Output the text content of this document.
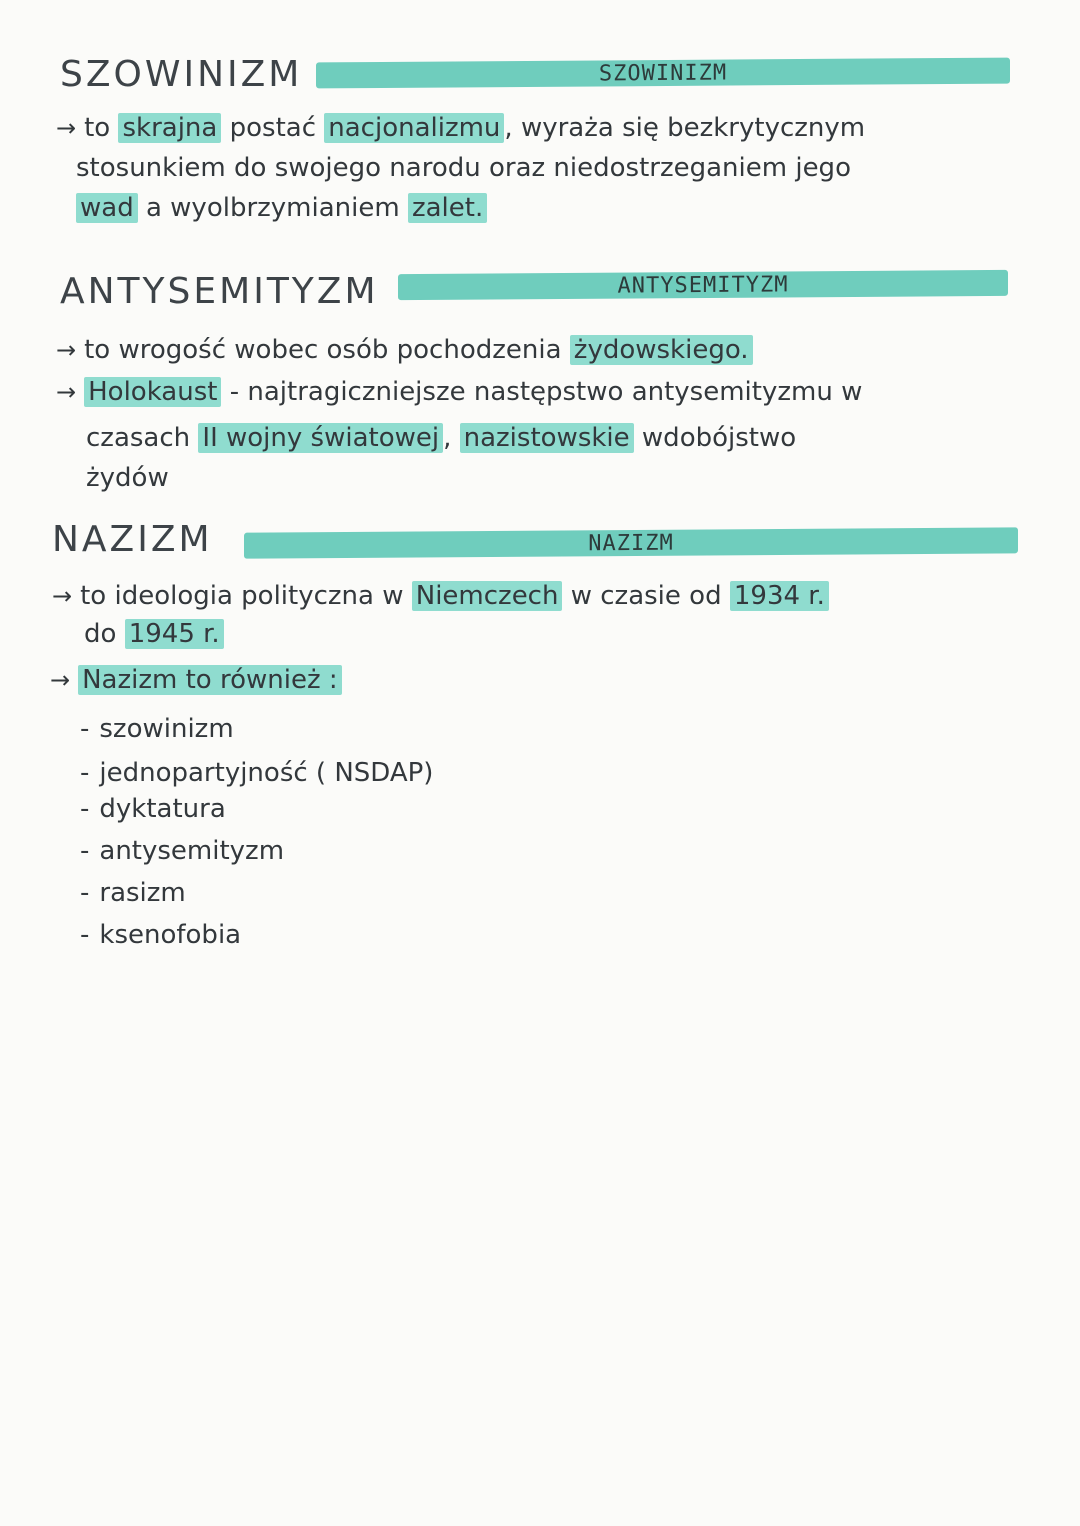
SZOWINIZM	SZOWINIZM
→ to skrajna postać nacjonalizmu , wyraża się bezkrytycznym
stosunkiem do swojego narodu oraz niedostrzeganiem jego
wad a wyolbrzymianiem zalet.
ANTYSEMITYZM	ANTYSEMITYZM
→ to wrogość wobec osób pochodzenia żydowskiego.
→ Holokaust - najtragiczniejsze następstwo antysemityzmu w
czasach II wojny światowej , nazistowskie wdobójstwo
żydów
NAZIZM	NAZIZM
→ to ideologia polityczna w Niemczech w czasie od 1934 r.
do 1945 r.
→ Nazizm to również :
- szowinizm
- jednopartyjność ( NSDAP)
- dyktatura
- antysemityzm
- rasizm
- ksenofobia
